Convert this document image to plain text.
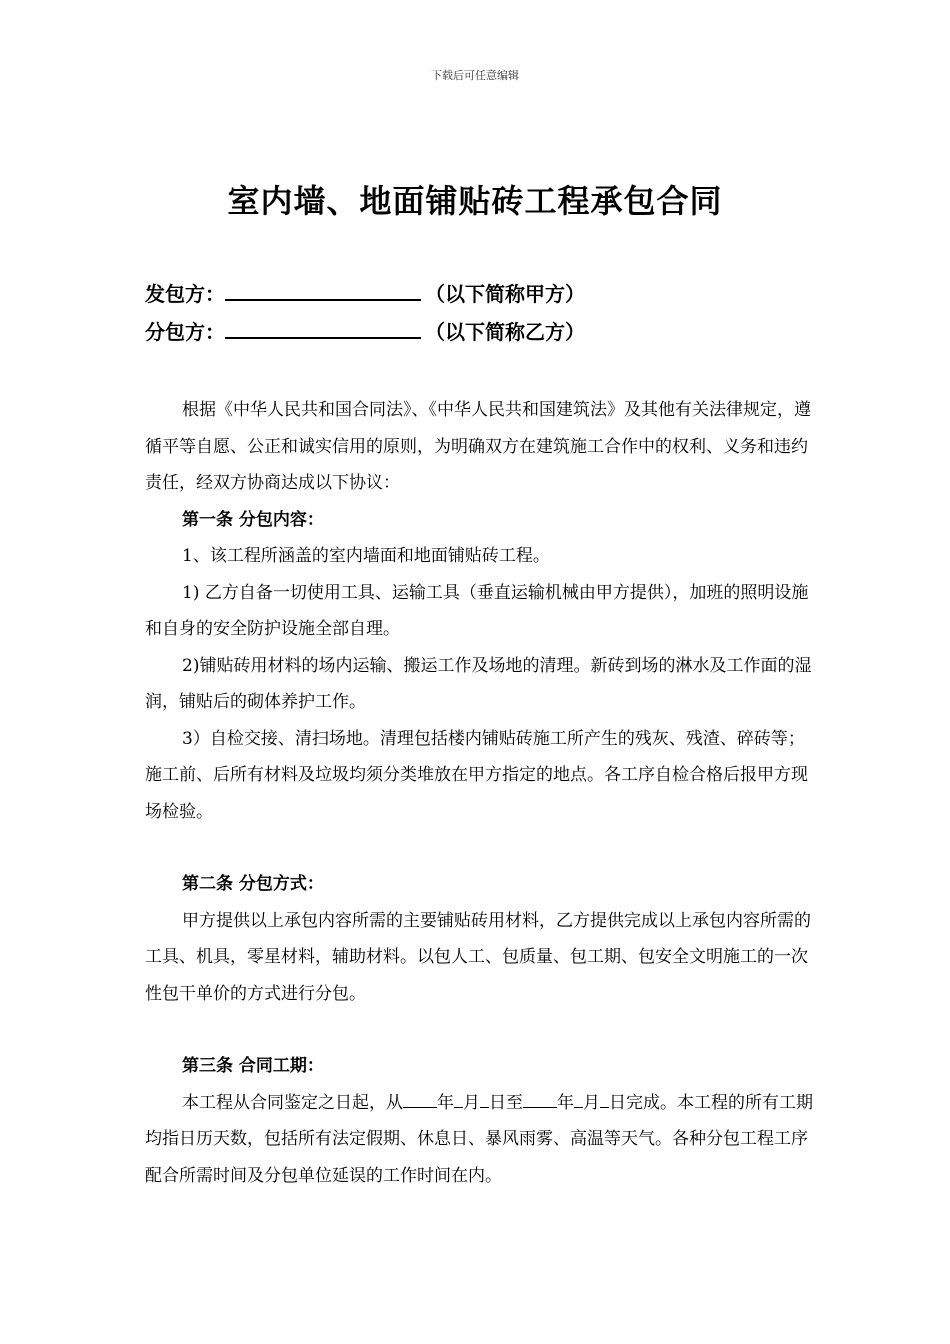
下载后可任意编辑
室内墙、地面铺贴砖工程承包合同
发包方：	（以下简称甲方）
分包方：	（以下简称乙方）

根据《中华人民共和国合同法》、《中华人民共和国建筑法》及其他有关法律规定，遵循平等自愿、公正和诚实信用的原则，为明确双方在建筑施工合作中的权利、义务和违约责任，经双方协商达成以下协议：

第一条 分包内容：

1、该工程所涵盖的室内墙面和地面铺贴砖工程。

1) 乙方自备一切使用工具、运输工具（垂直运输机械由甲方提供），加班的照明设施和自身的安全防护设施全部自理。

2)铺贴砖用材料的场内运输、搬运工作及场地的清理。新砖到场的淋水及工作面的湿润，铺贴后的砌体养护工作。

3）自检交接、清扫场地。清理包括楼内铺贴砖施工所产生的残灰、残渣、碎砖等；施工前、后所有材料及垃圾均须分类堆放在甲方指定的地点。各工序自检合格后报甲方现场检验。

第二条 分包方式：

甲方提供以上承包内容所需的主要铺贴砖用材料，乙方提供完成以上承包内容所需的工具、机具，零星材料，辅助材料。以包人工、包质量、包工期、包安全文明施工的一次性包干单价的方式进行分包。

第三条 合同工期：

本工程从合同鉴定之日起，从 年 月 日至 年 月 日完成。本工程的所有工期均指日历天数，包括所有法定假期、休息日、暴风雨雾、高温等天气。各种分包工程工序配合所需时间及分包单位延误的工作时间在内。
